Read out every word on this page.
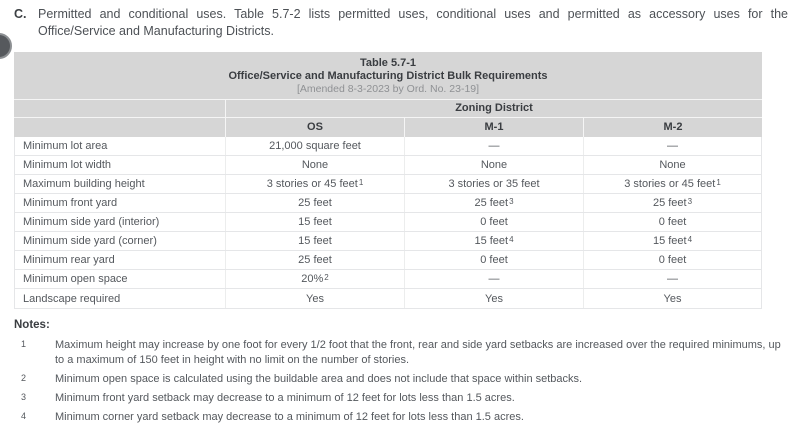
C. Permitted and conditional uses. Table 5.7-2 lists permitted uses, conditional uses and permitted as accessory uses for the
Office/Service and Manufacturing Districts.
Table 5.7-1
Office/Service and Manufacturing District Bulk Requirements
[Amended 8-3-2023 by Ord. No. 23-19]
Zoning District
OS	M-1	M-2
Minimum lot area	21,000 square feet	—	—
Minimum lot width	None	None	None
Maximum building height	3 stories or 45 feet$^1$	3 stories or 35 feet	3 stories or 45 feet$^1$
Minimum front yard	25 feet	25 feet$^3$	25 feet$^3$
Minimum side yard (interior)	15 feet	0 feet	0 feet
Minimum side yard (corner)	15 feet	15 feet$^4$	15 feet$^4$
Minimum rear yard	25 feet	0 feet	0 feet
Minimum open space	20%$^2$	—	—
Landscape required	Yes	Yes	Yes
Notes:
1	Maximum height may increase by one foot for every 1/2 foot that the front, rear and side yard setbacks are increased over the required minimums, up to a maximum of 150 feet in height with no limit on the number of stories.
2	Minimum open space is calculated using the buildable area and does not include that space within setbacks.
3	Minimum front yard setback may decrease to a minimum of 12 feet for lots less than 1.5 acres.
4	Minimum corner yard setback may decrease to a minimum of 12 feet for lots less than 1.5 acres.
